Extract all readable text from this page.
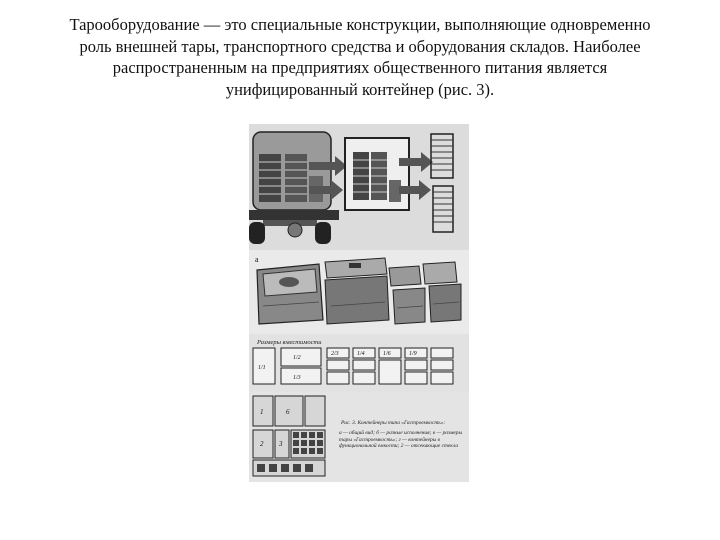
Тарооборудование — это специальные конструкции, выполняющие одновременно
роль внешней тары, транспортного средства и оборудования складов. Наиболее
распространенным на предприятиях общественного питания является
унифицированный контейнер (рис. 3).
а
Размеры вместимости
1/1
1/2
1/3
2/3	1/4	1/6	1/9
1	6
2 3
Рис. 3. Контейнеры типа «Гастроемкость»:
а — общий вид; б — разные исполнения; в — размеры тары «Гастроемкость»; г — контейнеры в функциональной емкости; 2 — отсекающие стекла
